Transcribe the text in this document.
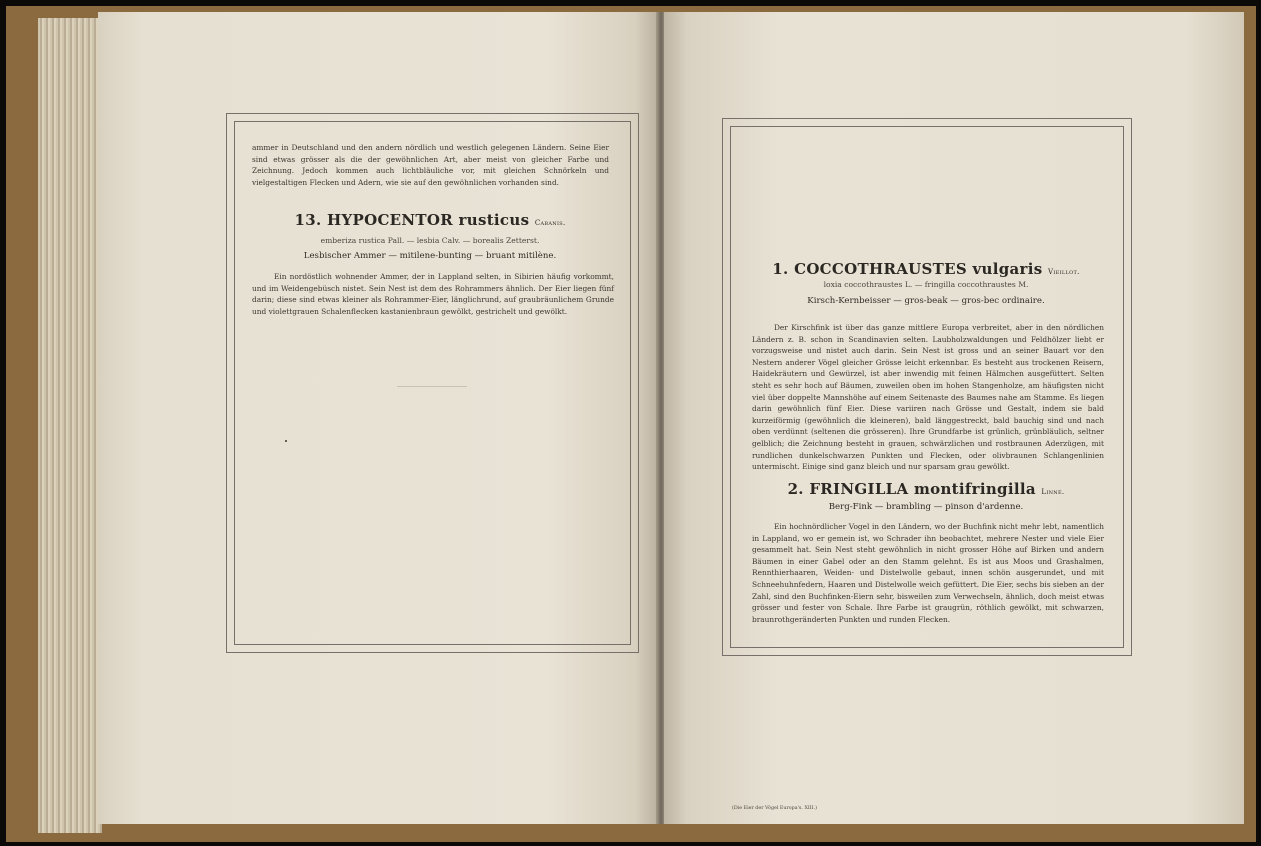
ammer in Deutschland und den andern nördlich und westlich gelegenen Ländern. Seine Eier sind etwas grösser als die der gewöhnlichen Art, aber meist von gleicher Farbe und Zeichnung. Jedoch kommen auch lichtbläuliche vor, mit gleichen Schnörkeln und vielgestaltigen Flecken und Adern, wie sie auf den gewöhnlichen vorhanden sind.
13. HYPOCENTOR rusticus Cabanis.
emberiza rustica Pall. — lesbia Calv. — borealis Zetterst.
Lesbischer Ammer — mitilene-bunting — bruant mitilène.
Ein nordöstlich wohnender Ammer, der in Lappland selten, in Sibirien häufig vorkommt, und im Weidengebüsch nistet. Sein Nest ist dem des Rohrammers ähnlich. Der Eier liegen fünf darin; diese sind etwas kleiner als Rohrammer-Eier, länglichrund, auf graubräunlichem Grunde und violettgrauen Schalenflecken kastanienbraun gewölkt, gestrichelt und gewölkt.
1. COCCOTHRAUSTES vulgaris Vieillot.
loxia coccothraustes L. — fringilla coccothraustes M.
Kirsch-Kernbeisser — gros-beak — gros-bec ordinaire.
Der Kirschfink ist über das ganze mittlere Europa verbreitet, aber in den nördlichen Ländern z. B. schon in Scandinavien selten. Laubholzwaldungen und Feldhölzer liebt er vorzugsweise und nistet auch darin. Sein Nest ist gross und an seiner Bauart vor den Nestern anderer Vögel gleicher Grösse leicht erkennbar. Es besteht aus trockenen Reisern, Haidekräutern und Gewürzel, ist aber inwendig mit feinen Hälmchen ausgefüttert. Selten steht es sehr hoch auf Bäumen, zuweilen oben im hohen Stangenholze, am häufigsten nicht viel über doppelte Mannshöhe auf einem Seitenaste des Baumes nahe am Stamme. Es liegen darin gewöhnlich fünf Eier. Diese variiren nach Grösse und Gestalt, indem sie bald kurzeiförmig (gewöhnlich die kleineren), bald länggestreckt, bald bauchig sind und nach oben verdünnt (seltenen die grösseren). Ihre Grundfarbe ist grünlich, grünbläulich, seltner gelblich; die Zeichnung besteht in grauen, schwärzlichen und rostbraunen Aderzügen, mit rundlichen dunkelschwarzen Punkten und Flecken, oder olivbraunen Schlangenlinien untermischt. Einige sind ganz bleich und nur sparsam grau gewölkt.
2. FRINGILLA montifringilla Linné.
Berg-Fink — brambling — pinson d'ardenne.
Ein hochnördlicher Vogel in den Ländern, wo der Buchfink nicht mehr lebt, namentlich in Lappland, wo er gemein ist, wo Schrader ihn beobachtet, mehrere Nester und viele Eier gesammelt hat. Sein Nest steht gewöhnlich in nicht grosser Höhe auf Birken und andern Bäumen in einer Gabel oder an den Stamm gelehnt. Es ist aus Moos und Grashalmen, Rennthierhaaren, Weiden- und Distelwolle gebaut, innen schön ausgerundet, und mit Schneehuhnfedern, Haaren und Distelwolle weich gefüttert. Die Eier, sechs bis sieben an der Zahl, sind den Buchfinken-Eiern sehr, bisweilen zum Verwechseln, ähnlich, doch meist etwas grösser und fester von Schale. Ihre Farbe ist graugrün, röthlich gewölkt, mit schwarzen, braunrothgeränderten Punkten und runden Flecken.
(Die Eier der Vögel Europa's. XIII.)
